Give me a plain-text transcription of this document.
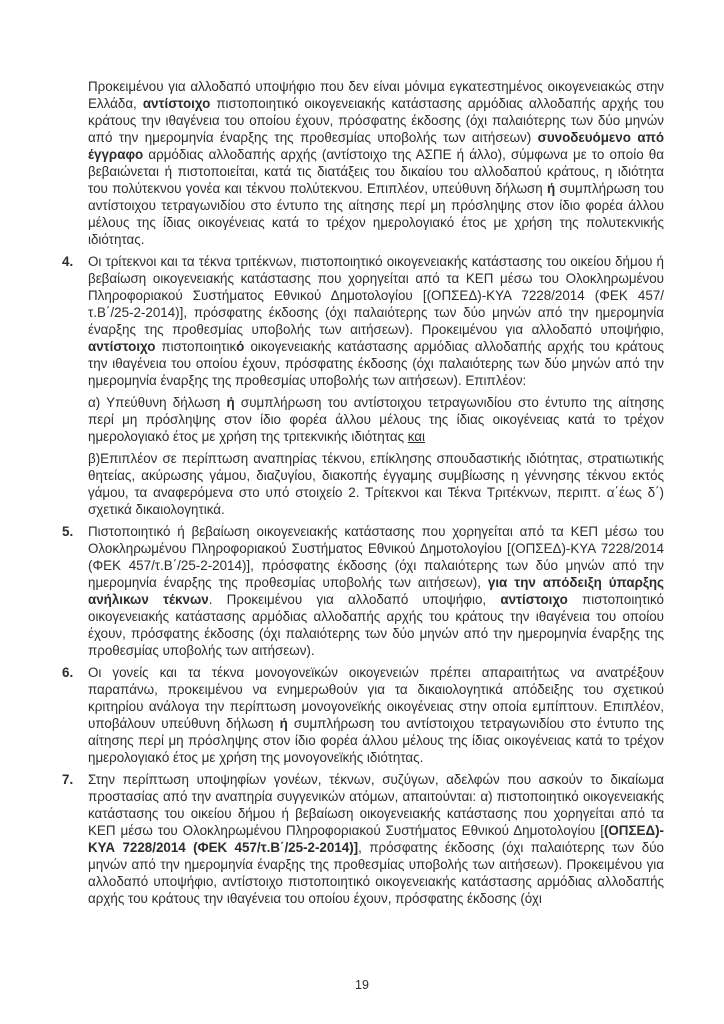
Προκειμένου για αλλοδαπό υποψήφιο που δεν είναι μόνιμα εγκατεστημένος οικογενειακώς στην Ελλάδα, αντίστοιχο πιστοποιητικό οικογενειακής κατάστασης αρμόδιας αλλοδαπής αρχής του κράτους την ιθαγένεια του οποίου έχουν, πρόσφατης έκδοσης (όχι παλαιότερης των δύο μηνών από την ημερομηνία έναρξης της προθεσμίας υποβολής των αιτήσεων) συνοδευόμενο από έγγραφο αρμόδιας αλλοδαπής αρχής (αντίστοιχο της ΑΣΠΕ ή άλλο), σύμφωνα με το οποίο θα βεβαιώνεται ή πιστοποιείται, κατά τις διατάξεις του δικαίου του αλλοδαπού κράτους, η ιδιότητα του πολύτεκνου γονέα και τέκνου πολύτεκνου. Επιπλέον, υπεύθυνη δήλωση ή συμπλήρωση του αντίστοιχου τετραγωνιδίου στο έντυπο της αίτησης περί μη πρόσληψης στον ίδιο φορέα άλλου μέλους της ίδιας οικογένειας κατά το τρέχον ημερολογιακό έτος με χρήση της πολυτεκνικής ιδιότητας.
4. Οι τρίτεκνοι και τα τέκνα τριτέκνων, πιστοποιητικό οικογενειακής κατάστασης του οικείου δήμου ή βεβαίωση οικογενειακής κατάστασης που χορηγείται από τα ΚΕΠ μέσω του Ολοκληρωμένου Πληροφοριακού Συστήματος Εθνικού Δημοτολογίου [(ΟΠΣΕΔ)-ΚΥΑ 7228/2014 (ΦΕΚ 457/τ.Β΄/25-2-2014)], πρόσφατης έκδοσης (όχι παλαιότερης των δύο μηνών από την ημερομηνία έναρξης της προθεσμίας υποβολής των αιτήσεων). Προκειμένου για αλλοδαπό υποψήφιο, αντίστοιχο πιστοποιητικό οικογενειακής κατάστασης αρμόδιας αλλοδαπής αρχής του κράτους την ιθαγένεια του οποίου έχουν, πρόσφατης έκδοσης (όχι παλαιότερης των δύο μηνών από την ημερομηνία έναρξης της προθεσμίας υποβολής των αιτήσεων). Επιπλέον:
α) Υπεύθυνη δήλωση ή συμπλήρωση του αντίστοιχου τετραγωνιδίου στο έντυπο της αίτησης περί μη πρόσληψης στον ίδιο φορέα άλλου μέλους της ίδιας οικογένειας κατά το τρέχον ημερολογιακό έτος με χρήση της τριτεκνικής ιδιότητας και
β)Επιπλέον σε περίπτωση αναπηρίας τέκνου, επίκλησης σπουδαστικής ιδιότητας, στρατιωτικής θητείας, ακύρωσης γάμου, διαζυγίου, διακοπής έγγαμης συμβίωσης η γέννησης τέκνου εκτός γάμου, τα αναφερόμενα στο υπό στοιχείο 2. Τρίτεκνοι και Τέκνα Τριτέκνων, περιπτ. α΄έως δ΄) σχετικά δικαιολογητικά.
5. Πιστοποιητικό ή βεβαίωση οικογενειακής κατάστασης που χορηγείται από τα ΚΕΠ μέσω του Ολοκληρωμένου Πληροφοριακού Συστήματος Εθνικού Δημοτολογίου [(ΟΠΣΕΔ)-ΚΥΑ 7228/2014 (ΦΕΚ 457/τ.Β΄/25-2-2014)], πρόσφατης έκδοσης (όχι παλαιότερης των δύο μηνών από την ημερομηνία έναρξης της προθεσμίας υποβολής των αιτήσεων), για την απόδειξη ύπαρξης ανήλικων τέκνων. Προκειμένου για αλλοδαπό υποψήφιο, αντίστοιχο πιστοποιητικό οικογενειακής κατάστασης αρμόδιας αλλοδαπής αρχής του κράτους την ιθαγένεια του οποίου έχουν, πρόσφατης έκδοσης (όχι παλαιότερης των δύο μηνών από την ημερομηνία έναρξης της προθεσμίας υποβολής των αιτήσεων).
6. Οι γονείς και τα τέκνα μονογονεϊκών οικογενειών πρέπει απαραιτήτως να ανατρέξουν παραπάνω, προκειμένου να ενημερωθούν για τα δικαιολογητικά απόδειξης του σχετικού κριτηρίου ανάλογα την περίπτωση μονογονεϊκής οικογένειας στην οποία εμπίπτουν. Επιπλέον, υποβάλουν υπεύθυνη δήλωση ή συμπλήρωση του αντίστοιχου τετραγωνιδίου στο έντυπο της αίτησης περί μη πρόσληψης στον ίδιο φορέα άλλου μέλους της ίδιας οικογένειας κατά το τρέχον ημερολογιακό έτος με χρήση της μονογονεϊκής ιδιότητας.
7. Στην περίπτωση υποψηφίων γονέων, τέκνων, συζύγων, αδελφών που ασκούν το δικαίωμα προστασίας από την αναπηρία συγγενικών ατόμων, απαιτούνται: α) πιστοποιητικό οικογενειακής κατάστασης του οικείου δήμου ή βεβαίωση οικογενειακής κατάστασης που χορηγείται από τα ΚΕΠ μέσω του Ολοκληρωμένου Πληροφοριακού Συστήματος Εθνικού Δημοτολογίου [(ΟΠΣΕΔ)-ΚΥΑ 7228/2014 (ΦΕΚ 457/τ.Β΄/25-2-2014)], πρόσφατης έκδοσης (όχι παλαιότερης των δύο μηνών από την ημερομηνία έναρξης της προθεσμίας υποβολής των αιτήσεων). Προκειμένου για αλλοδαπό υποψήφιο, αντίστοιχο πιστοποιητικό οικογενειακής κατάστασης αρμόδιας αλλοδαπής αρχής του κράτους την ιθαγένεια του οποίου έχουν, πρόσφατης έκδοσης (όχι
19
